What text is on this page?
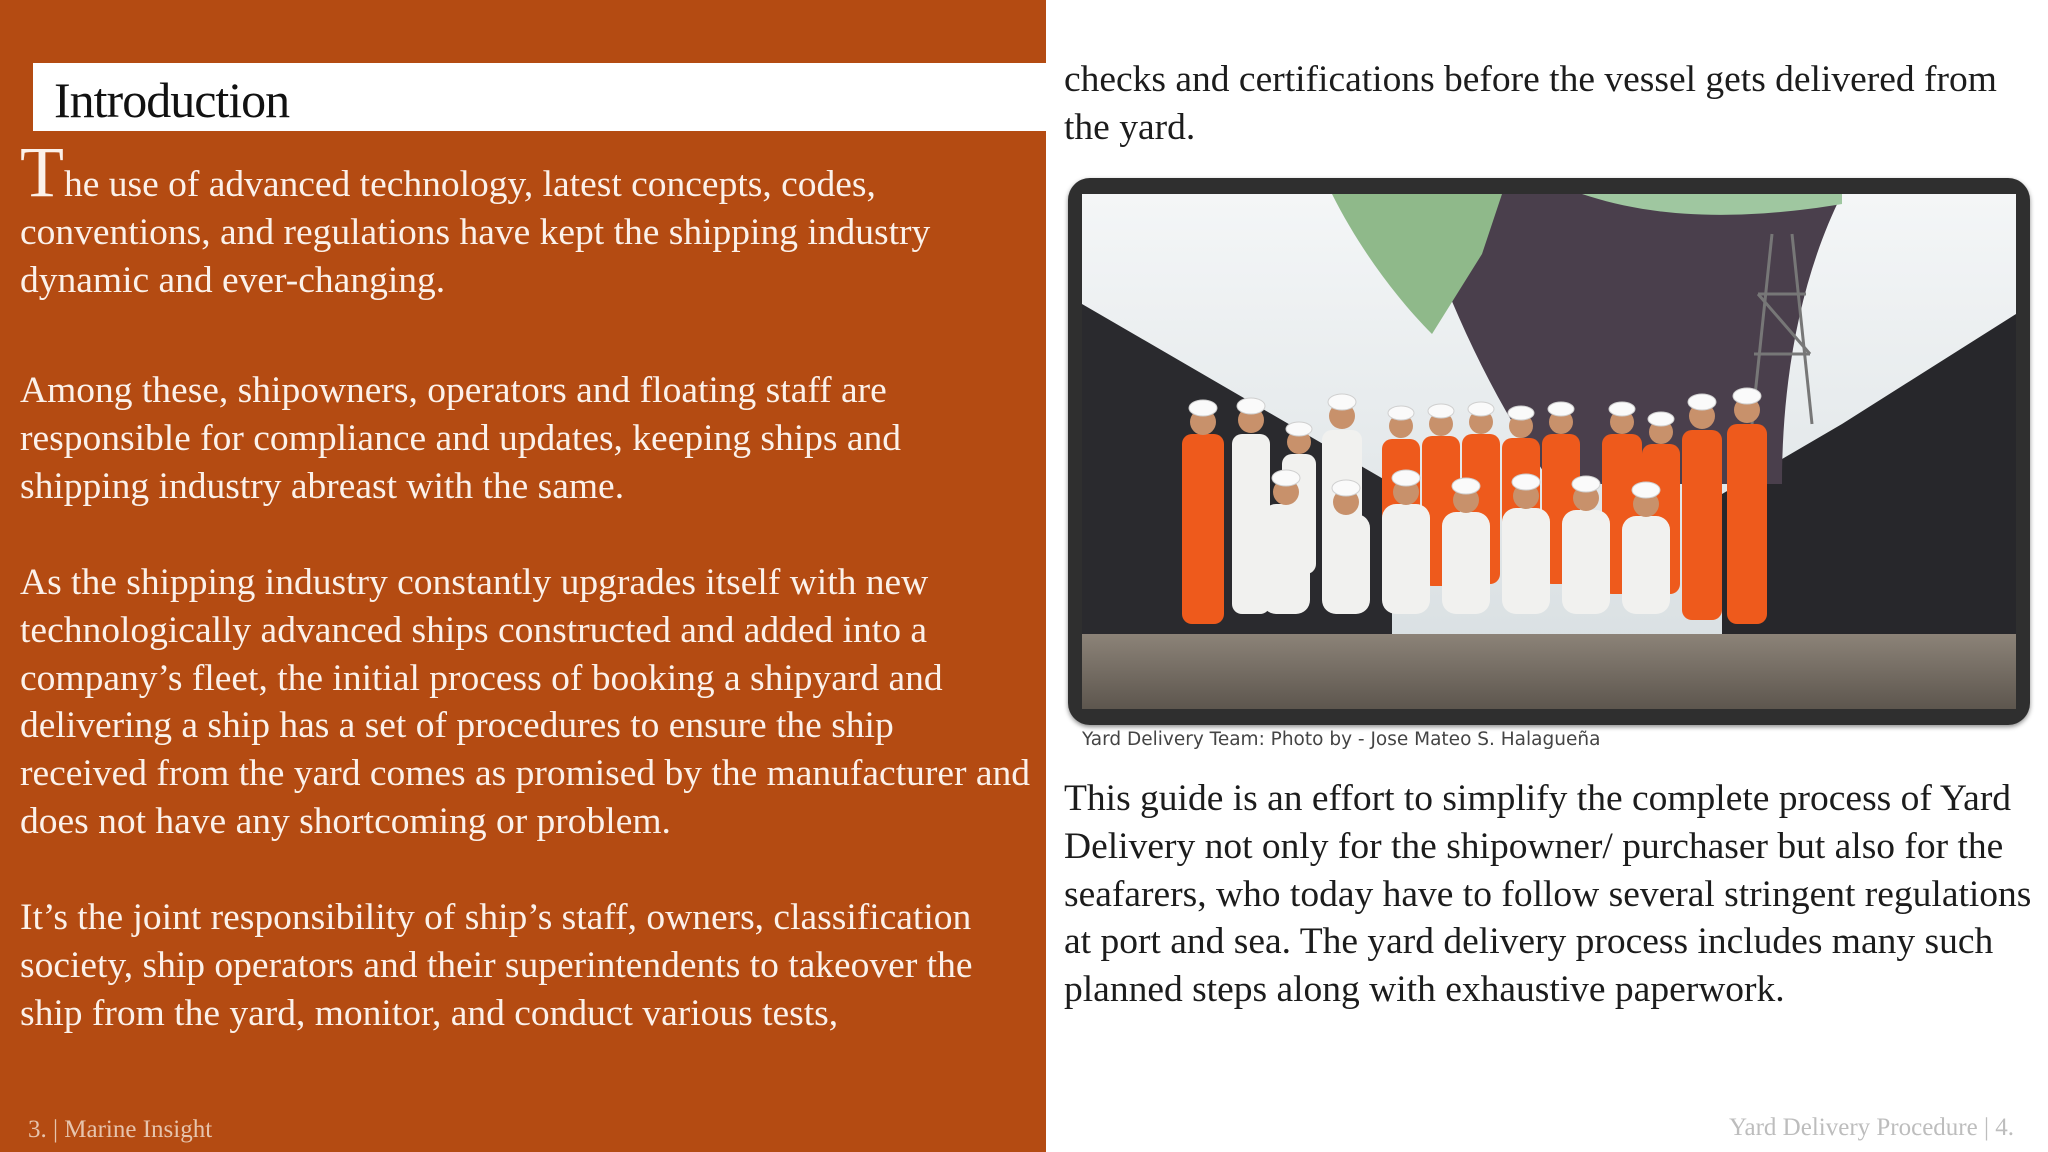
Introduction

The use of advanced technology, latest concepts, codes, conventions, and regulations have kept the shipping industry dynamic and ever-changing.

Among these, shipowners, operators and floating staff are responsible for compliance and updates, keeping ships and shipping industry abreast with the same.

As the shipping industry constantly upgrades itself with new technologically advanced ships constructed and added into a company’s fleet, the initial process of booking a shipyard and delivering a ship has a set of procedures to ensure the ship received from the yard comes as promised by the manufacturer and does not have any shortcoming or problem.

It’s the joint responsibility of ship’s staff, owners, classification society, ship operators and their superintendents to takeover the ship from the yard, monitor, and conduct various tests,

3. | Marine Insight

checks and certifications before the vessel gets delivered from the yard.

Yard Delivery Team: Photo by - Jose Mateo S. Halagueña

This guide is an effort to simplify the complete process of Yard Delivery not only for the shipowner/ purchaser but also for the seafarers, who today have to follow several stringent regulations at port and sea. The yard delivery process includes many such planned steps along with exhaustive paperwork.

Yard Delivery Procedure | 4.
